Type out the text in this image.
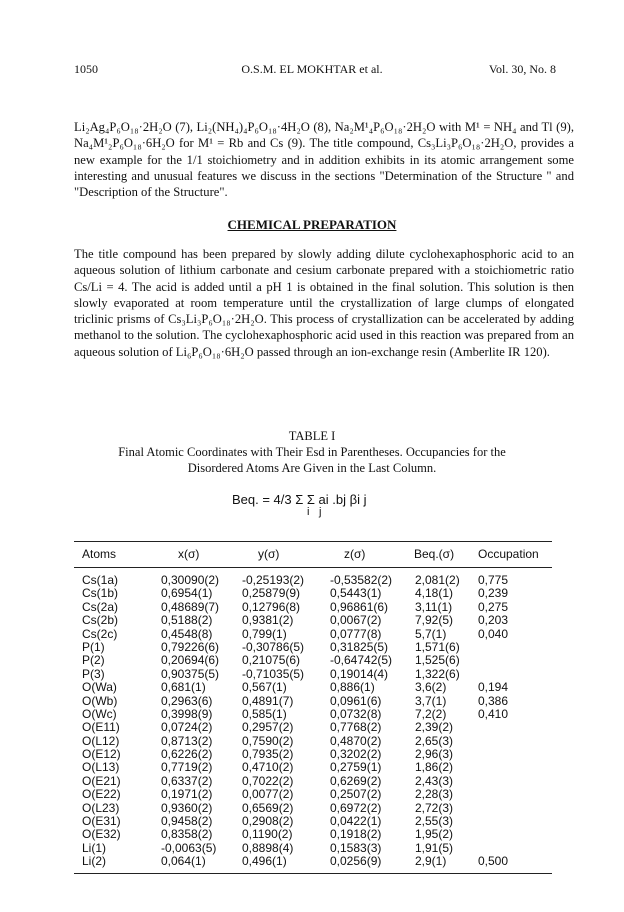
1050	O.S.M. EL MOKHTAR et al.	Vol. 30, No. 8
Li₂Ag₄P₆O₁₈·2H₂O (7), Li₂(NH₄)₄P₆O₁₈·4H₂O (8), Na₂M¹₄P₆O₁₈·2H₂O with M¹ = NH₄ and Tl (9), Na₄M¹₂P₆O₁₈·6H₂O for M¹ = Rb and Cs (9). The title compound, Cs₃Li₃P₆O₁₈·2H₂O, provides a new example for the 1/1 stoichiometry and in addition exhibits in its atomic arrangement some interesting and unusual features we discuss in the sections "Determination of the Structure " and "Description of the Structure".
CHEMICAL PREPARATION
The title compound has been prepared by slowly adding dilute cyclohexaphosphoric acid to an aqueous solution of lithium carbonate and cesium carbonate prepared with a stoichiometric ratio Cs/Li = 4. The acid is added until a pH 1 is obtained in the final solution. This solution is then slowly evaporated at room temperature until the crystallization of large clumps of elongated triclinic prisms of Cs₃Li₃P₆O₁₈·2H₂O. This process of crystallization can be accelerated by adding methanol to the solution. The cyclohexaphosphoric acid used in this reaction was prepared from an aqueous solution of Li₆P₆O₁₈·6H₂O passed through an ion-exchange resin (Amberlite IR 120).
TABLE I
Final Atomic Coordinates with Their Esd in Parentheses. Occupancies for the Disordered Atoms Are Given in the Last Column.
Beq. = 4/3 Σ Σ ai .bj βi j
i j
Atoms	x(σ)	y(σ)	z(σ)	Beq.(σ) Occupation
Cs(1a)	0,30090(2) -0,25193(2) -0,53582(2) 2,081(2) 0,775
Cs(1b)	0,6954(1) 0,25879(9) 0,5443(1)	4,18(1) 0,239
Cs(2a)	0,48689(7) 0,12796(8) 0,96861(6) 3,11(1) 0,275
Cs(2b)	0,5188(2) 0,9381(2)	0,0067(2)	7,92(5) 0,203
Cs(2c)	0,4548(8) 0,799(1)	0,0777(8)	5,7(1)	0,040
P(1)	0,79226(6) -0,30786(5) 0,31825(5) 1,571(6)
P(2)	0,20694(6) 0,21075(6) -0,64742(5) 1,525(6)
P(3)	0,90375(5) -0,71035(5) 0,19014(4) 1,322(6)
O(Wa)	0,681(1)	0,567(1)	0,886(1)	3,6(2)	0,194
O(Wb)	0,2963(6) 0,4891(7)	0,0961(6)	3,7(1)	0,386
O(Wc)	0,3998(9) 0,585(1)	0,0732(8)	7,2(2)	0,410
O(E11)	0,0724(2) 0,2957(2)	0,7768(2)	2,39(2)
O(L12)	0,8713(2) 0,7590(2)	0,4870(2)	2,65(3)
O(E12)	0,6226(2) 0,7935(2)	0,3202(2)	2,96(3)
O(L13)	0,7719(2) 0,4710(2)	0,2759(1)	1,86(2)
O(E21)	0,6337(2) 0,7022(2)	0,6269(2)	2,43(3)
O(E22)	0,1971(2) 0,0077(2)	0,2507(2)	2,28(3)
O(L23)	0,9360(2) 0,6569(2)	0,6972(2)	2,72(3)
O(E31)	0,9458(2) 0,2908(2)	0,0422(1)	2,55(3)
O(E32)	0,8358(2) 0,1190(2)	0,1918(2)	1,95(2)
Li(1)	-0,0063(5) 0,8898(4)	0,1583(3)	1,91(5)
Li(2)	0,064(1)	0,496(1)	0,0256(9)	2,9(1)	0,500
